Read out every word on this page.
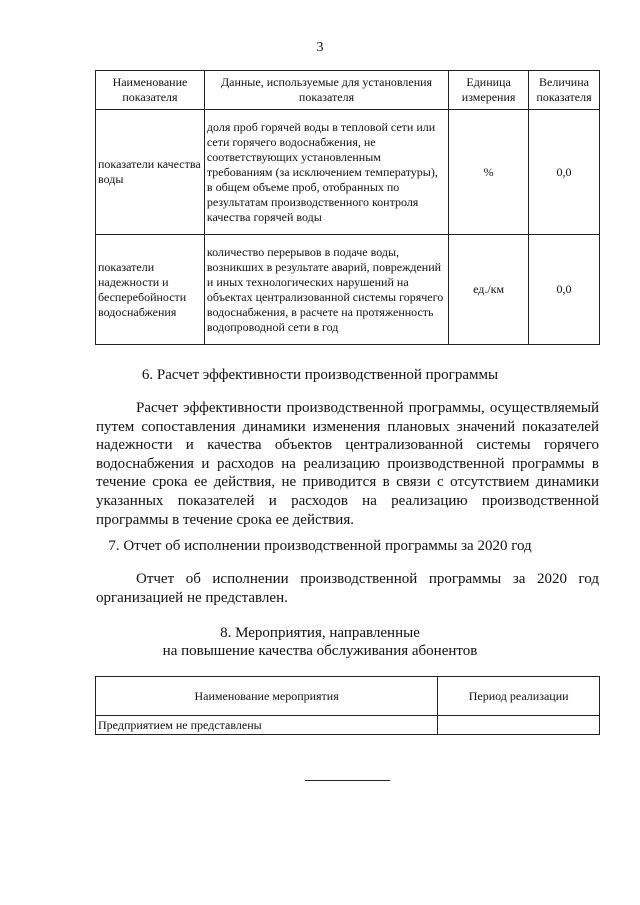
3
Наименование показателя	Данные, используемые для установления показателя	Единица измерения	Величина показателя
показатели качества воды	доля проб горячей воды в тепловой сети или сети горячего водоснабжения, не соответствующих установленным требованиям (за исключением температуры), в общем объеме проб, отобранных по результатам производственного контроля качества горячей воды	%	0,0
показатели надежности и бесперебойности водоснабжения	количество перерывов в подаче воды, возникших в результате аварий, повреждений и иных технологических нарушений на объектах централизованной системы горячего водоснабжения, в расчете на протяженность водопроводной сети в год	ед./км	0,0
6. Расчет эффективности производственной программы

Расчет эффективности производственной программы, осуществляемый путем сопоставления динамики изменения плановых значений показателей надежности и качества объектов централизованной системы горячего водоснабжения и расходов на реализацию производственной программы в течение срока ее действия, не приводится в связи с отсутствием динамики указанных показателей и расходов на реализацию производственной программы в течение срока ее действия.

7. Отчет об исполнении производственной программы за 2020 год

Отчет об исполнении производственной программы за 2020 год организацией не представлен.

8. Мероприятия, направленные
на повышение качества обслуживания абонентов
Наименование мероприятия	Период реализации
Предприятием не представлены	
